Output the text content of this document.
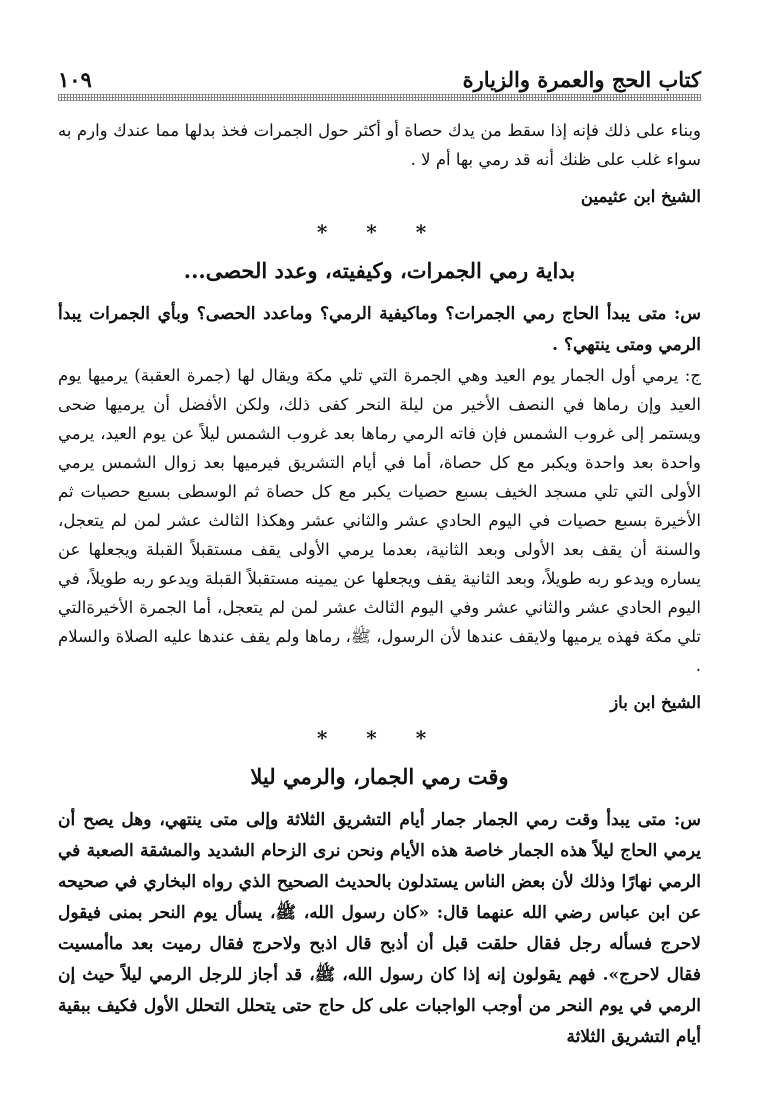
كتاب الحج والعمرة والزيارة
١٠٩

وبناء على ذلك فإنه إذا سقط من يدك حصاة أو أكثر حول الجمرات فخذ بدلها مما عندك وارم به سواء غلب على ظنك أنه قد رمي بها أم لا .

الشيخ ابن عثيمين
* * *
بداية رمي الجمرات، وكيفيته، وعدد الحصى...

س: متى يبدأ الحاج رمي الجمرات؟ وماكيفية الرمي؟ وماعدد الحصى؟ وبأي الجمرات يبدأ الرمي ومتى ينتهي؟ .

ج: يرمي أول الجمار يوم العيد وهي الجمرة التي تلي مكة ويقال لها (جمرة العقبة) يرميها يوم العيد وإن رماها في النصف الأخير من ليلة النحر كفى ذلك، ولكن الأفضل أن يرميها ضحى ويستمر إلى غروب الشمس فإن فاته الرمي رماها بعد غروب الشمس ليلاً عن يوم العيد، يرمي واحدة بعد واحدة ويكبر مع كل حصاة، أما في أيام التشريق فيرميها بعد زوال الشمس يرمي الأولى التي تلي مسجد الخيف بسبع حصيات يكبر مع كل حصاة ثم الوسطى بسبع حصيات ثم الأخيرة بسبع حصيات في اليوم الحادي عشر والثاني عشر وهكذا الثالث عشر لمن لم يتعجل، والسنة أن يقف بعد الأولى وبعد الثانية، بعدما يرمي الأولى يقف مستقبلاً القبلة ويجعلها عن يساره ويدعو ربه طويلاً، وبعد الثانية يقف ويجعلها عن يمينه مستقبلاً القبلة ويدعو ربه طويلاً، في اليوم الحادي عشر والثاني عشر وفي اليوم الثالث عشر لمن لم يتعجل، أما الجمرة الأخيرةالتي تلي مكة فهذه يرميها ولايقف عندها لأن الرسول، ﷺ، رماها ولم يقف عندها عليه الصلاة والسلام .

الشيخ ابن باز
* * *
وقت رمي الجمار، والرمي ليلا

س: متى يبدأ وقت رمي الجمار جمار أيام التشريق الثلاثة وإلى متى ينتهي، وهل يصح أن يرمي الحاج ليلاً هذه الجمار خاصة هذه الأيام ونحن نرى الزحام الشديد والمشقة الصعبة في الرمي نهارًا وذلك لأن بعض الناس يستدلون بالحديث الصحيح الذي رواه البخاري في صحيحه عن ابن عباس رضي الله عنهما قال: «كان رسول الله، ﷺ، يسأل يوم النحر بمنى فيقول لاحرج فسأله رجل فقال حلقت قبل أن أذبح قال اذبح ولاحرج فقال رميت بعد ماأمسيت فقال لاحرج». فهم يقولون إنه إذا كان رسول الله، ﷺ، قد أجاز للرجل الرمي ليلاً حيث إن الرمي في يوم النحر من أوجب الواجبات على كل حاج حتى يتحلل التحلل الأول فكيف ببقية أيام التشريق الثلاثة
